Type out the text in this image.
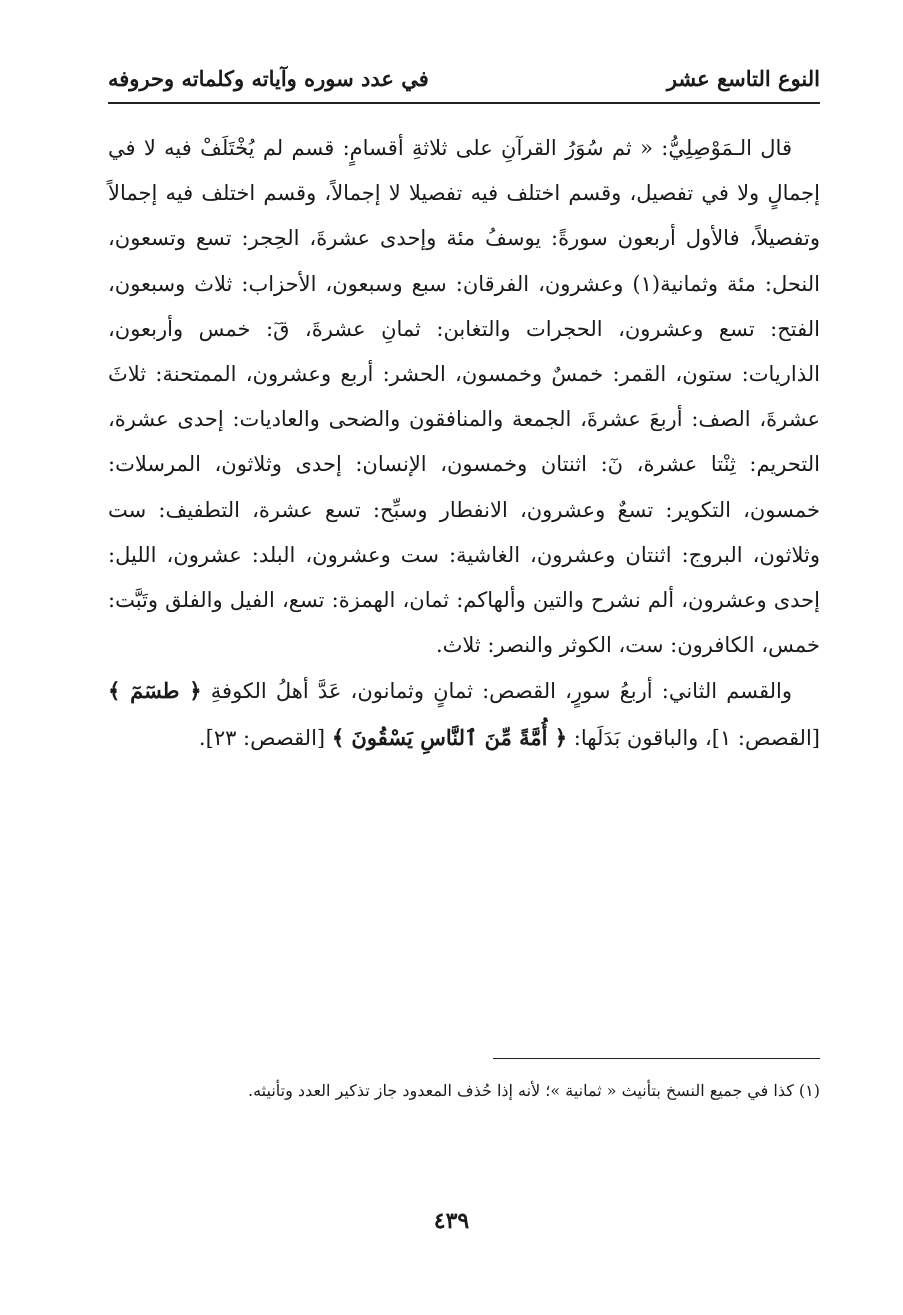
النوع التاسع عشر
في عدد سوره وآياته وكلماته وحروفه

قال الـمَوْصِلِيُّ: « ثم سُوَرُ القرآنِ على ثلاثةِ أقسامٍ: قسم لم يُخْتَلَفْ فيه لا في إجمالٍ ولا في تفصيل، وقسم اختلف فيه تفصيلا لا إجمالاً، وقسم اختلف فيه إجمالاً وتفصيلاً، فالأول أربعون سورةً: يوسفُ مئة وإحدى عشرةَ، الحِجر: تسع وتسعون، النحل: مئة وثمانية(١) وعشرون، الفرقان: سبع وسبعون، الأحزاب: ثلاث وسبعون، الفتح: تسع وعشرون، الحجرات والتغابن: ثمانِ عشرةَ، قٓ: خمس وأربعون، الذاريات: ستون، القمر: خمسٌ وخمسون، الحشر: أربع وعشرون، الممتحنة: ثلاثَ عشرةَ، الصف: أربعَ عشرةَ، الجمعة والمنافقون والضحى والعاديات: إحدى عشرة، التحريم: ثِنْتا عشرة، نٓ: اثنتان وخمسون، الإنسان: إحدى وثلاثون، المرسلات: خمسون، التكوير: تسعٌ وعشرون، الانفطار وسبِّح: تسع عشرة، التطفيف: ست وثلاثون، البروج: اثنتان وعشرون، الغاشية: ست وعشرون، البلد: عشرون، الليل: إحدى وعشرون، ألم نشرح والتين وألهاكم: ثمان، الهمزة: تسع، الفيل والفلق وتَبَّت: خمس، الكافرون: ست، الكوثر والنصر: ثلاث.

والقسم الثاني: أربعُ سورٍ، القصص: ثمانٍ وثمانون، عَدَّ أهلُ الكوفةِ ﴿ طسٓمٓ ﴾ [القصص: ١]، والباقون بَدَلَها: ﴿ أُمَّةً مِّنَ ٱلنَّاسِ يَسْقُونَ ﴾ [القصص: ٢٣].

(١) كذا في جميع النسخ بتأنيث « ثمانية »؛ لأنه إذا حُذف المعدود جاز تذكير العدد وتأنيثه.
٤٣٩
